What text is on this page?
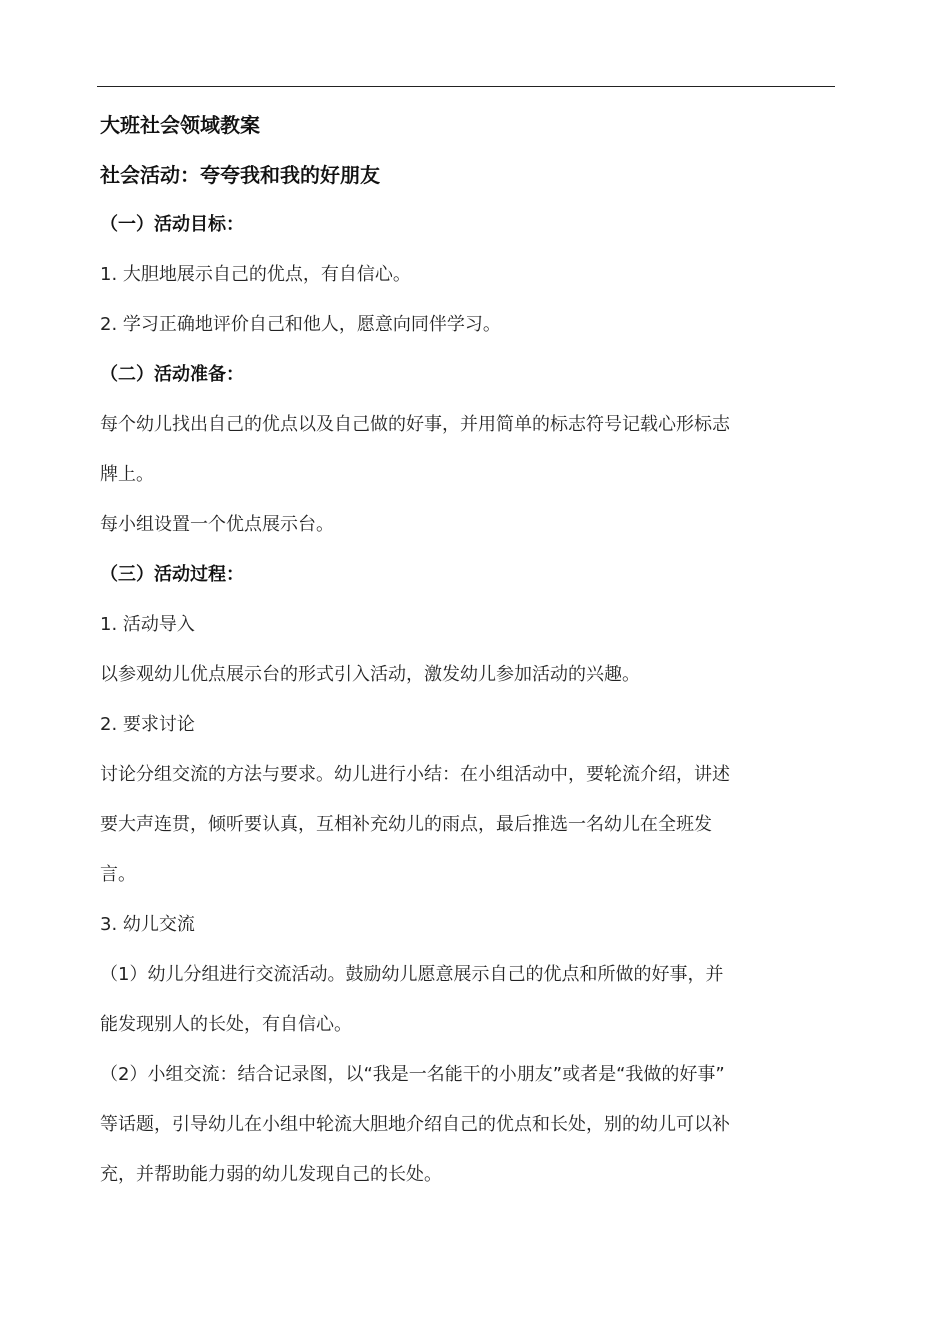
大班社会领域教案
社会活动：夸夸我和我的好朋友
（一）活动目标：
1. 大胆地展示自己的优点，有自信心。
2. 学习正确地评价自己和他人，愿意向同伴学习。
（二）活动准备：
每个幼儿找出自己的优点以及自己做的好事，并用简单的标志符号记载心形标志
牌上。
每小组设置一个优点展示台。
（三）活动过程：
1. 活动导入
以参观幼儿优点展示台的形式引入活动，激发幼儿参加活动的兴趣。
2. 要求讨论
讨论分组交流的方法与要求。幼儿进行小结：在小组活动中，要轮流介绍，讲述
要大声连贯，倾听要认真，互相补充幼儿的雨点，最后推选一名幼儿在全班发
言。
3. 幼儿交流
（1）幼儿分组进行交流活动。鼓励幼儿愿意展示自己的优点和所做的好事，并
能发现别人的长处，有自信心。
（2）小组交流：结合记录图，以“我是一名能干的小朋友”或者是“我做的好事”
等话题，引导幼儿在小组中轮流大胆地介绍自己的优点和长处，别的幼儿可以补
充，并帮助能力弱的幼儿发现自己的长处。
